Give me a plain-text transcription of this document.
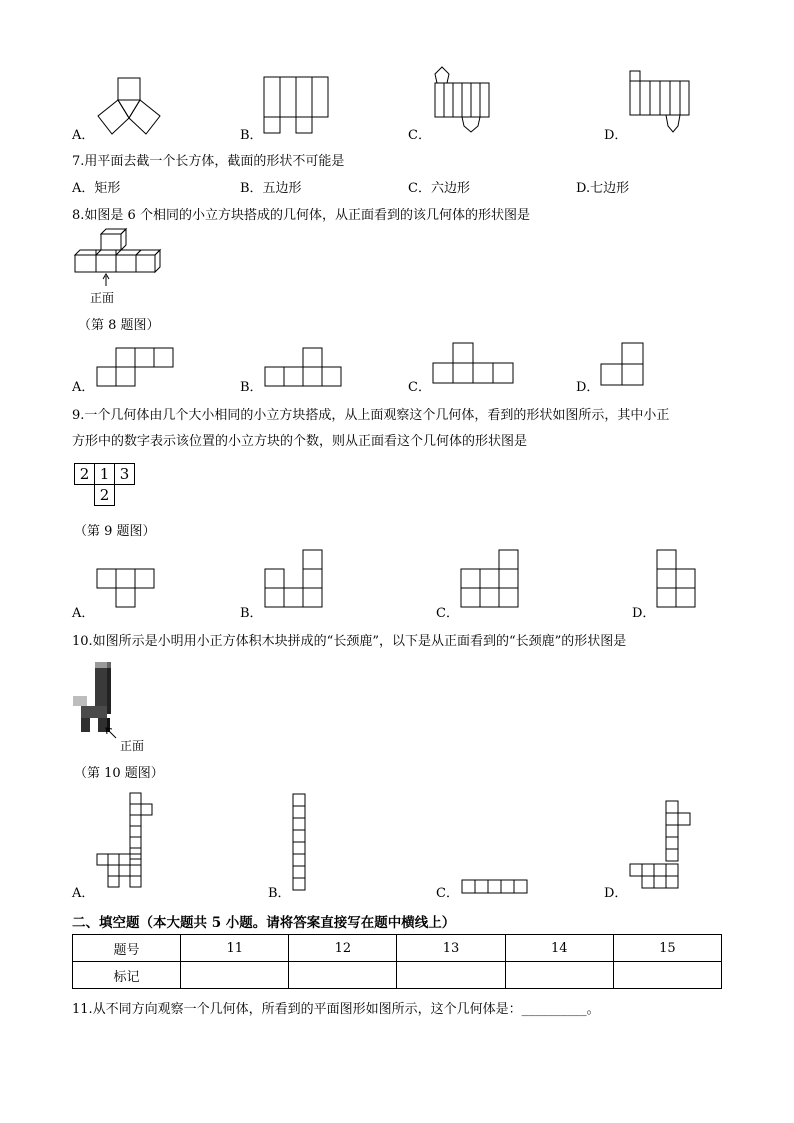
A．	B．	C．	D．
7.用平面去截一个长方体，截面的形状不可能是
A．矩形	B．五边形	C．六边形	D.七边形
8.如图是 6 个相同的小立方块搭成的几何体，从正面看到的该几何体的形状图是
正面
（第 8 题图）
A．	B．	C．	D．
9.一个几何体由几个大小相同的小立方块搭成，从上面观察这个几何体，看到的形状如图所示，其中小正
方形中的数字表示该位置的小立方块的个数，则从正面看这个几何体的形状图是
2 1 3
2
（第 9 题图）
A．	B．	C．	D．
10.如图所示是小明用小正方体积木块拼成的“长颈鹿”，以下是从正面看到的“长颈鹿”的形状图是
正面
（第 10 题图）
A．	B．	C．	D．
二、填空题（本大题共 5 小题。请将答案直接写在题中横线上）
题号	11	12	13	14	15
标记					
11.从不同方向观察一个几何体，所看到的平面图形如图所示，这个几何体是：__________。
